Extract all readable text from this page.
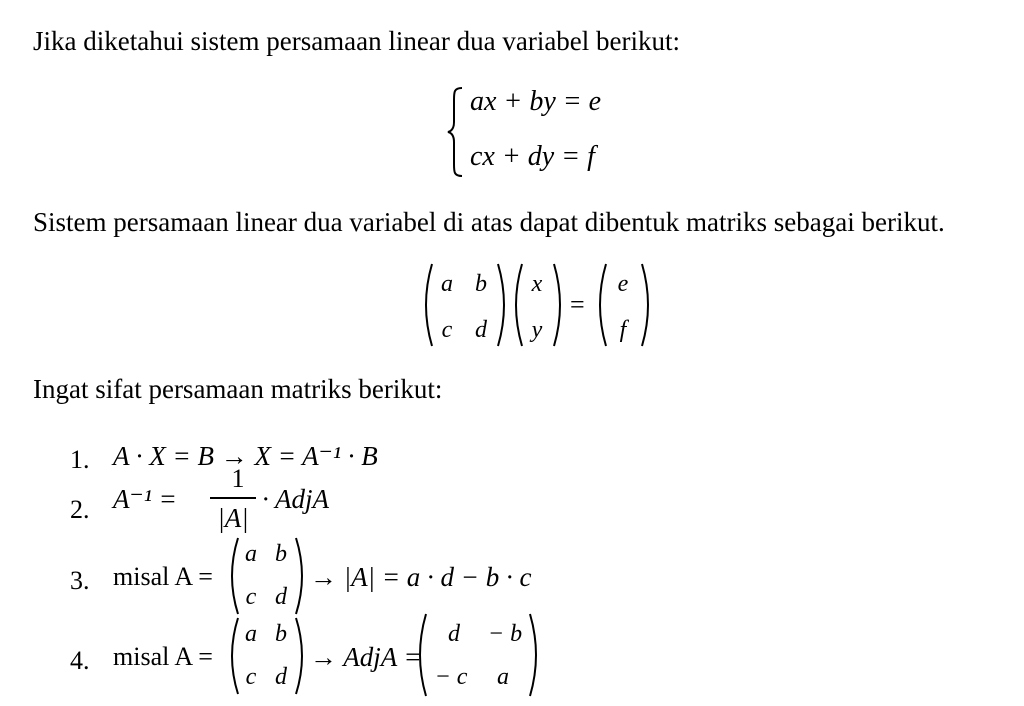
Jika diketahui sistem persamaan linear dua variabel berikut:
ax + by = e
cx + dy = f
Sistem persamaan linear dua variabel di atas dapat dibentuk matriks sebagai berikut.
a b
c d
x
y
=
e
f
Ingat sifat persamaan matriks berikut:
1. A · X = B → X = A⁻¹ · B
2. A⁻¹ =
1
|A|
· AdjA
3. misal A =
a b
c d
→ |A| = a · d − b · c
4. misal A =
a b
c d
→ AdjA =
d	− b
− c	a
